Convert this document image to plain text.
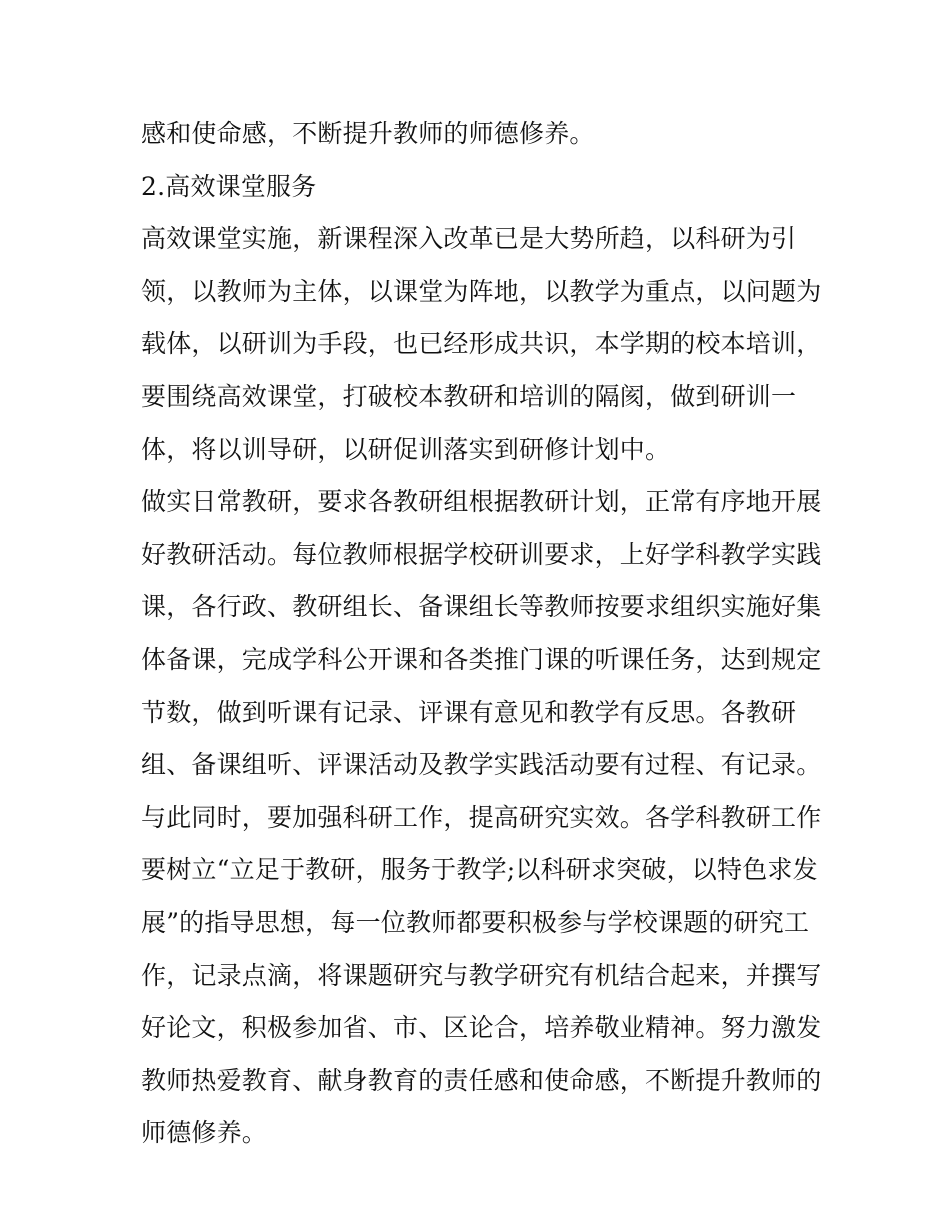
感和使命感，不断提升教师的师德修养。
2.高效课堂服务
高效课堂实施，新课程深入改革已是大势所趋，以科研为引
领，以教师为主体，以课堂为阵地，以教学为重点，以问题为
载体，以研训为手段，也已经形成共识，本学期的校本培训，
要围绕高效课堂，打破校本教研和培训的隔阂，做到研训一
体，将以训导研，以研促训落实到研修计划中。
做实日常教研，要求各教研组根据教研计划，正常有序地开展
好教研活动。每位教师根据学校研训要求，上好学科教学实践
课，各行政、教研组长、备课组长等教师按要求组织实施好集
体备课，完成学科公开课和各类推门课的听课任务，达到规定
节数，做到听课有记录、评课有意见和教学有反思。各教研
组、备课组听、评课活动及教学实践活动要有过程、有记录。
与此同时，要加强科研工作，提高研究实效。各学科教研工作
要树立“立足于教研，服务于教学;以科研求突破，以特色求发
展”的指导思想，每一位教师都要积极参与学校课题的研究工
作，记录点滴，将课题研究与教学研究有机结合起来，并撰写
好论文，积极参加省、市、区论合，培养敬业精神。努力激发
教师热爱教育、献身教育的责任感和使命感，不断提升教师的
师德修养。
